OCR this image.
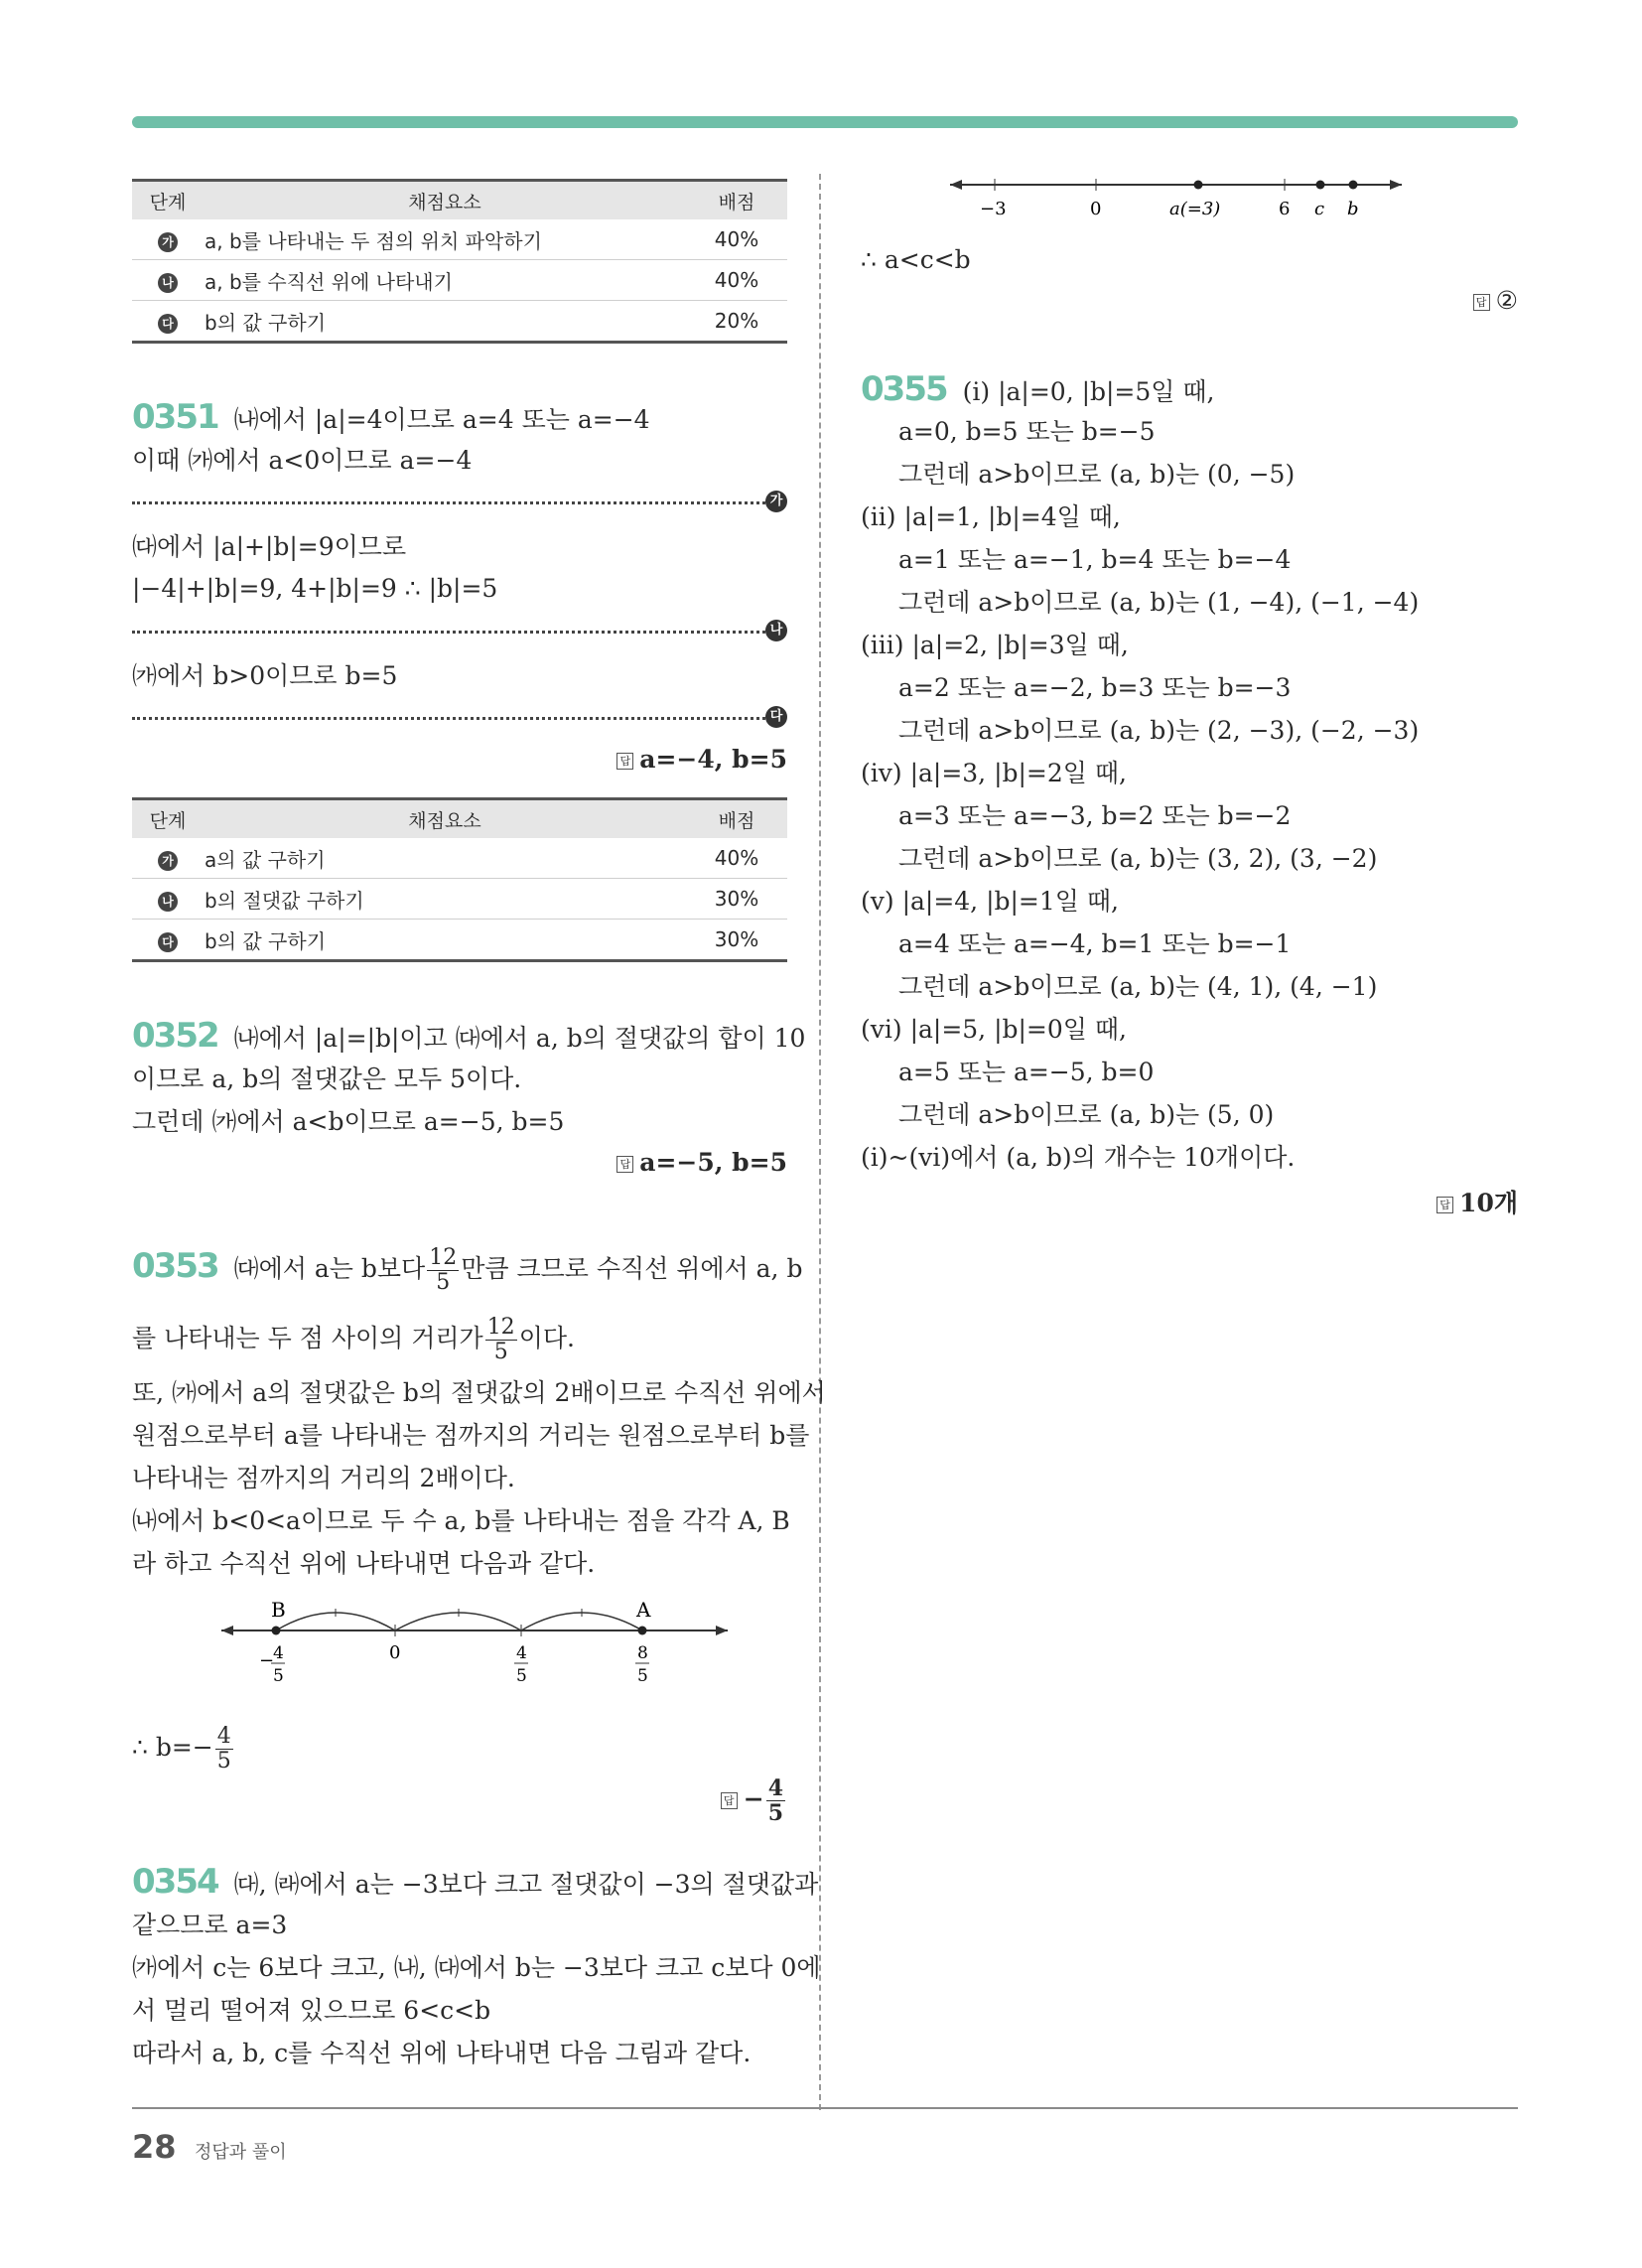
단계	채점요소	배점
가	a, b를 나타내는 두 점의 위치 파악하기	40%
나	a, b를 수직선 위에 나타내기	40%
다	b의 값 구하기	20%
0351 ㈏에서 |a|=4이므로 a=4 또는 a=−4
이때 ㈎에서 a<0이므로 a=−4
가
㈐에서 |a|+|b|=9이므로
|−4|+|b|=9, 4+|b|=9 ∴ |b|=5
나
㈎에서 b>0이므로 b=5
다
답 a=−4, b=5
단계	채점요소	배점
가	a의 값 구하기	40%
나	b의 절댓값 구하기	30%
다	b의 값 구하기	30%
0352 ㈏에서 |a|=|b|이고 ㈐에서 a, b의 절댓값의 합이 10
이므로 a, b의 절댓값은 모두 5이다.
그런데 ㈎에서 a<b이므로 a=−5, b=5
답 a=−5, b=5
0353 ㈐에서 a는 b보다 $\frac{12}{5}$ 만큼 크므로 수직선 위에서 a, b
를 나타내는 두 점 사이의 거리가 $\frac{12}{5}$ 이다.
또, ㈎에서 a의 절댓값은 b의 절댓값의 2배이므로 수직선 위에서
원점으로부터 a를 나타내는 점까지의 거리는 원점으로부터 b를
나타내는 점까지의 거리의 2배이다.
㈏에서 b<0<a이므로 두 수 a, b를 나타내는 점을 각각 A, B
라 하고 수직선 위에 나타내면 다음과 같다.
B	A
−
4
5
0	4
5
8
5
∴ $b=- \frac{4}{5}$
답 − $\frac{4}{5}$
0354 ㈐, ㈑에서 a는 −3보다 크고 절댓값이 −3의 절댓값과
같으므로 a=3
㈎에서 c는 6보다 크고, ㈏, ㈐에서 b는 −3보다 크고 c보다 0에
서 멀리 떨어져 있으므로 6<c<b
따라서 a, b, c를 수직선 위에 나타내면 다음 그림과 같다.
−3	0	a(=3)	6 c b
∴ a<c<b
답 ②
0355 (ⅰ) |a|=0, |b|=5일 때,
a=0, b=5 또는 b=−5
그런데 a>b이므로 (a, b)는 (0, −5)
(ⅱ) |a|=1, |b|=4일 때,
a=1 또는 a=−1, b=4 또는 b=−4
그런데 a>b이므로 (a, b)는 (1, −4), (−1, −4)
(ⅲ) |a|=2, |b|=3일 때,
a=2 또는 a=−2, b=3 또는 b=−3
그런데 a>b이므로 (a, b)는 (2, −3), (−2, −3)
(ⅳ) |a|=3, |b|=2일 때,
a=3 또는 a=−3, b=2 또는 b=−2
그런데 a>b이므로 (a, b)는 (3, 2), (3, −2)
(ⅴ) |a|=4, |b|=1일 때,
a=4 또는 a=−4, b=1 또는 b=−1
그런데 a>b이므로 (a, b)는 (4, 1), (4, −1)
(ⅵ) |a|=5, |b|=0일 때,
a=5 또는 a=−5, b=0
그런데 a>b이므로 (a, b)는 (5, 0)
(ⅰ)~(ⅵ)에서 (a, b)의 개수는 10개이다.
답 10개
28 정답과 풀이
